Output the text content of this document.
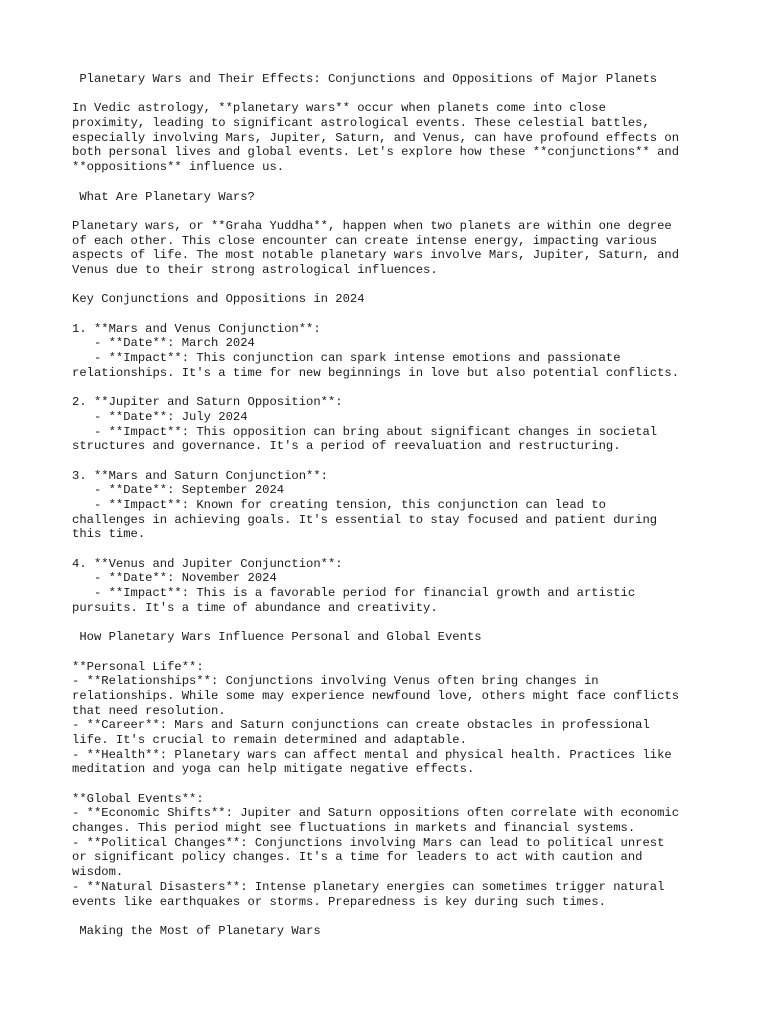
Planetary Wars and Their Effects: Conjunctions and Oppositions of Major Planets
In Vedic astrology, **planetary wars** occur when planets come into close
proximity, leading to significant astrological events. These celestial battles,
especially involving Mars, Jupiter, Saturn, and Venus, can have profound effects on
both personal lives and global events. Let's explore how these **conjunctions** and
**oppositions** influence us.
What Are Planetary Wars?
Planetary wars, or **Graha Yuddha**, happen when two planets are within one degree
of each other. This close encounter can create intense energy, impacting various
aspects of life. The most notable planetary wars involve Mars, Jupiter, Saturn, and
Venus due to their strong astrological influences.
Key Conjunctions and Oppositions in 2024
1. **Mars and Venus Conjunction**:
- **Date**: March 2024
- **Impact**: This conjunction can spark intense emotions and passionate
relationships. It's a time for new beginnings in love but also potential conflicts.
2. **Jupiter and Saturn Opposition**:
- **Date**: July 2024
- **Impact**: This opposition can bring about significant changes in societal
structures and governance. It's a period of reevaluation and restructuring.
3. **Mars and Saturn Conjunction**:
- **Date**: September 2024
- **Impact**: Known for creating tension, this conjunction can lead to
challenges in achieving goals. It's essential to stay focused and patient during
this time.
4. **Venus and Jupiter Conjunction**:
- **Date**: November 2024
- **Impact**: This is a favorable period for financial growth and artistic
pursuits. It's a time of abundance and creativity.
How Planetary Wars Influence Personal and Global Events
**Personal Life**:
- **Relationships**: Conjunctions involving Venus often bring changes in
relationships. While some may experience newfound love, others might face conflicts
that need resolution.
- **Career**: Mars and Saturn conjunctions can create obstacles in professional
life. It's crucial to remain determined and adaptable.
- **Health**: Planetary wars can affect mental and physical health. Practices like
meditation and yoga can help mitigate negative effects.
**Global Events**:
- **Economic Shifts**: Jupiter and Saturn oppositions often correlate with economic
changes. This period might see fluctuations in markets and financial systems.
- **Political Changes**: Conjunctions involving Mars can lead to political unrest
or significant policy changes. It's a time for leaders to act with caution and
wisdom.
- **Natural Disasters**: Intense planetary energies can sometimes trigger natural
events like earthquakes or storms. Preparedness is key during such times.
Making the Most of Planetary Wars
